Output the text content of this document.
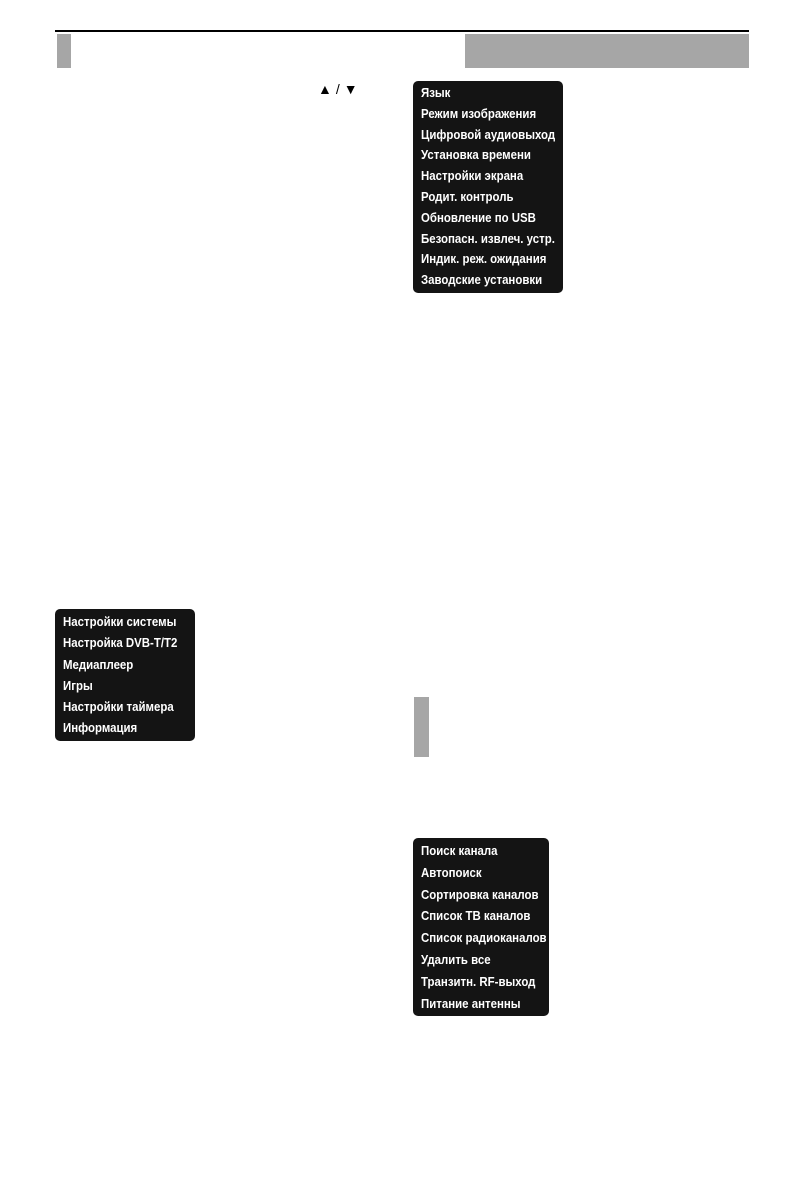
▲ / ▼	Язык
Режим изображения
Цифровой аудиовыход
Установка времени
Настройки экрана
Родит. контроль
Обновление по USB
Безопасн. извлеч. устр.
Индик. реж. ожидания
Заводские установки
Настройки системы
Настройка DVB-T/T2
Медиаплеер
Игры
Настройки таймера
Информация
Поиск канала
Автопоиск
Сортировка каналов
Список ТВ каналов
Список радиоканалов
Удалить все
Транзитн. RF-выход
Питание антенны
